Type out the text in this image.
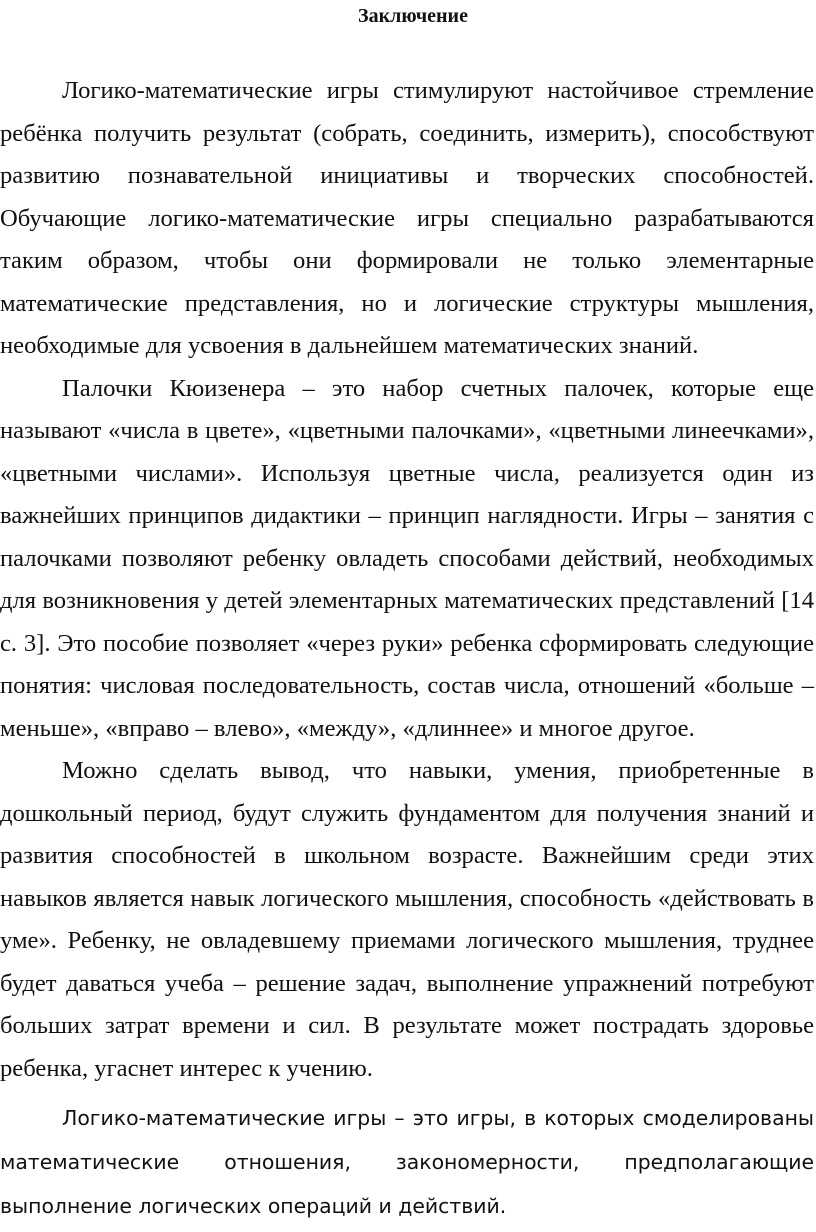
Заключение

Логико-математические игры стимулируют настойчивое стремление ребёнка получить результат (собрать, соединить, измерить), способствуют развитию познавательной инициативы и творческих способностей. Обучающие логико-математические игры специально разрабатываются таким образом, чтобы они формировали не только элементарные математические представления, но и логические структуры мышления, необходимые для усвоения в дальнейшем математических знаний.

Палочки Кюизенера – это набор счетных палочек, которые еще называют «числа в цвете», «цветными палочками», «цветными линеечками», «цветными числами». Используя цветные числа, реализуется один из важнейших принципов дидактики – принцип наглядности. Игры – занятия с палочками позволяют ребенку овладеть способами действий, необходимых для возникновения у детей элементарных математических представлений [14 с. 3]. Это пособие позволяет «через руки» ребенка сформировать следующие понятия: числовая последовательность, состав числа, отношений «больше – меньше», «вправо – влево», «между», «длиннее» и многое другое.

Можно сделать вывод, что навыки, умения, приобретенные в дошкольный период, будут служить фундаментом для получения знаний и развития способностей в школьном возрасте. Важнейшим среди этих навыков является навык логического мышления, способность «действовать в уме». Ребенку, не овладевшему приемами логического мышления, труднее будет даваться учеба – решение задач, выполнение упражнений потребуют больших затрат времени и сил. В результате может пострадать здоровье ребенка, угаснет интерес к учению.

Логико-математические игры – это игры, в которых смоделированы математические отношения, закономерности, предполагающие выполнение логических операций и действий.
